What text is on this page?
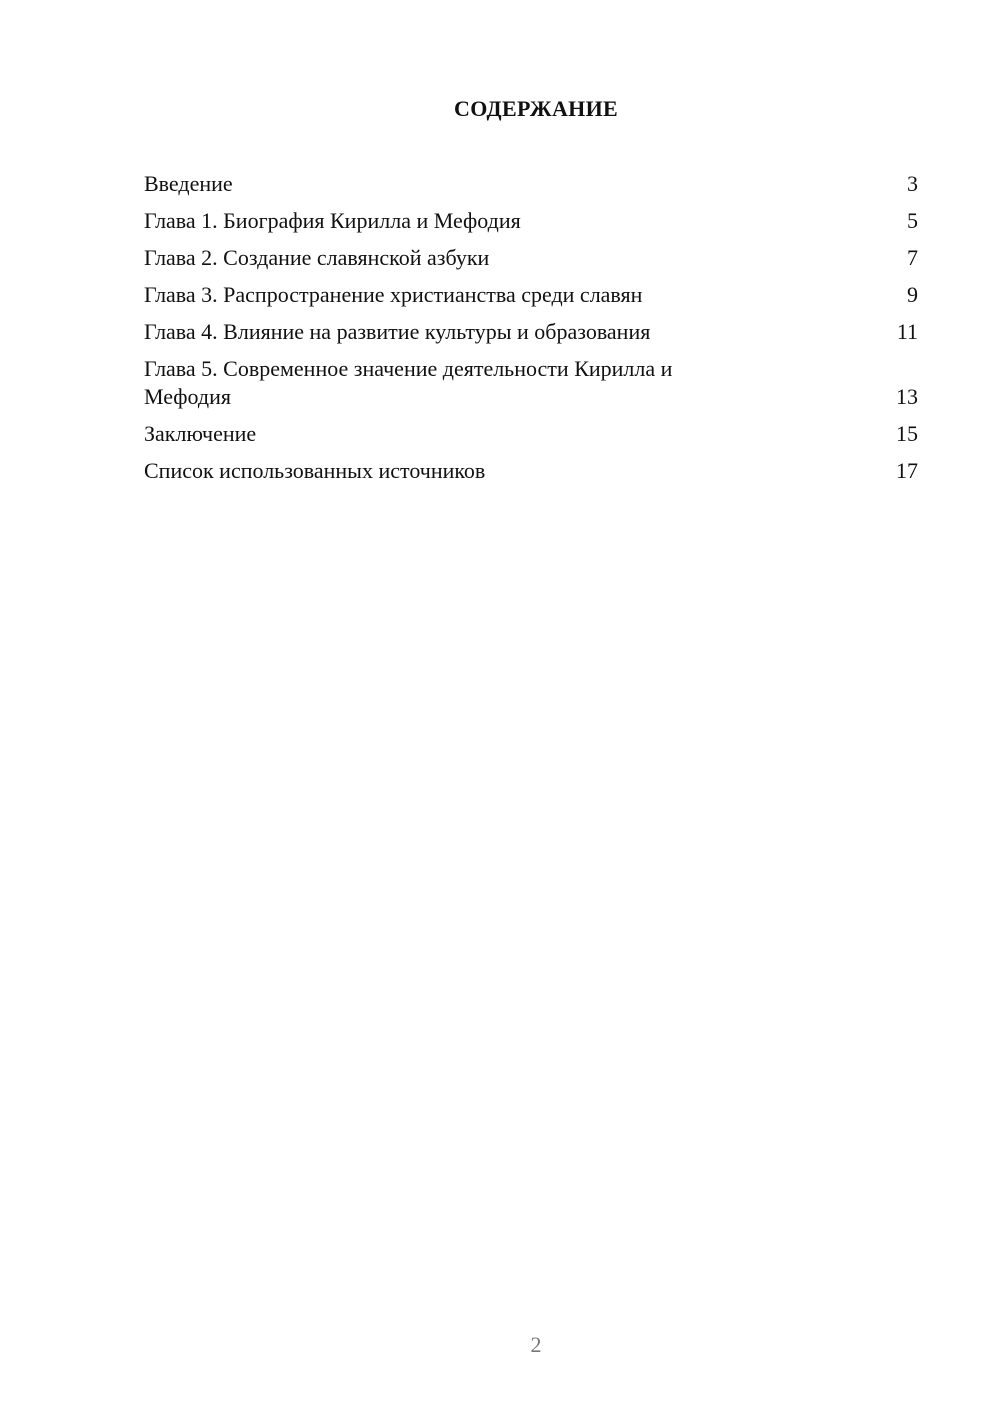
СОДЕРЖАНИЕ
Введение	3
Глава 1. Биография Кирилла и Мефодия	5
Глава 2. Создание славянской азбуки	7
Глава 3. Распространение христианства среди славян	9
Глава 4. Влияние на развитие культуры и образования	11
Глава 5. Современное значение деятельности Кирилла и Мефодия	13
Заключение	15
Список использованных источников	17
2
